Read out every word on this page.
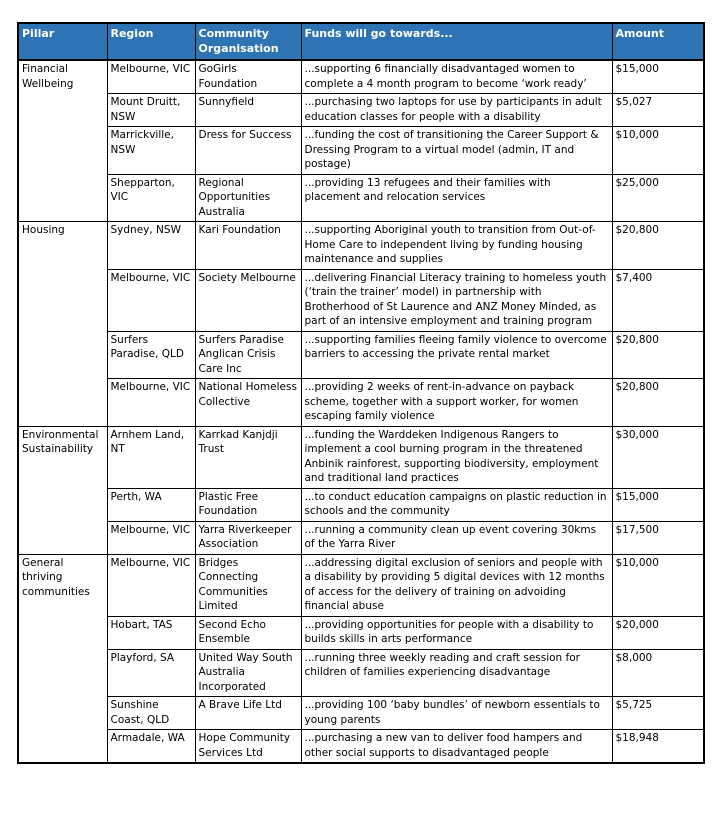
Pillar	Region	Community Organisation	Funds will go towards...	Amount
Financial Wellbeing	Melbourne, VIC	GoGirls Foundation	...supporting 6 financially disadvantaged women to complete a 4 month program to become ‘work ready’	$15,000
	Mount Druitt, NSW	Sunnyfield	...purchasing two laptops for use by participants in adult education classes for people with a disability	$5,027
	Marrickville, NSW	Dress for Success	...funding the cost of transitioning the Career Support & Dressing Program to a virtual model (admin, IT and postage)	$10,000
	Shepparton, VIC	Regional Opportunities Australia	...providing 13 refugees and their families with placement and relocation services	$25,000
Housing	Sydney, NSW	Kari Foundation	...supporting Aboriginal youth to transition from Out-of-Home Care to independent living by funding housing maintenance and supplies	$20,800
	Melbourne, VIC	Society Melbourne	...delivering Financial Literacy training to homeless youth (‘train the trainer’ model) in partnership with Brotherhood of St Laurence and ANZ Money Minded, as part of an intensive employment and training program	$7,400
	Surfers Paradise, QLD	Surfers Paradise Anglican Crisis Care Inc	...supporting families fleeing family violence to overcome barriers to accessing the private rental market	$20,800
	Melbourne, VIC	National Homeless Collective	...providing 2 weeks of rent-in-advance on payback scheme, together with a support worker, for women escaping family violence	$20,800
Environmental Sustainability	Arnhem Land, NT	Karrkad Kanjdji Trust	...funding the Warddeken Indigenous Rangers to implement a cool burning program in the threatened Anbinik rainforest, supporting biodiversity, employment and traditional land practices	$30,000
	Perth, WA	Plastic Free Foundation	...to conduct education campaigns on plastic reduction in schools and the community	$15,000
	Melbourne, VIC	Yarra Riverkeeper Association	...running a community clean up event covering 30kms of the Yarra River	$17,500
General thriving communities	Melbourne, VIC	Bridges Connecting Communities Limited	...addressing digital exclusion of seniors and people with a disability by providing 5 digital devices with 12 months of access for the delivery of training on advoiding financial abuse	$10,000
	Hobart, TAS	Second Echo Ensemble	...providing opportunities for people with a disability to builds skills in arts performance	$20,000
	Playford, SA	United Way South Australia Incorporated	...running three weekly reading and craft session for children of families experiencing disadvantage	$8,000
	Sunshine Coast, QLD	A Brave Life Ltd	...providing 100 ‘baby bundles’ of newborn essentials to young parents	$5,725
	Armadale, WA	Hope Community Services Ltd	...purchasing a new van to deliver food hampers and other social supports to disadvantaged people	$18,948
